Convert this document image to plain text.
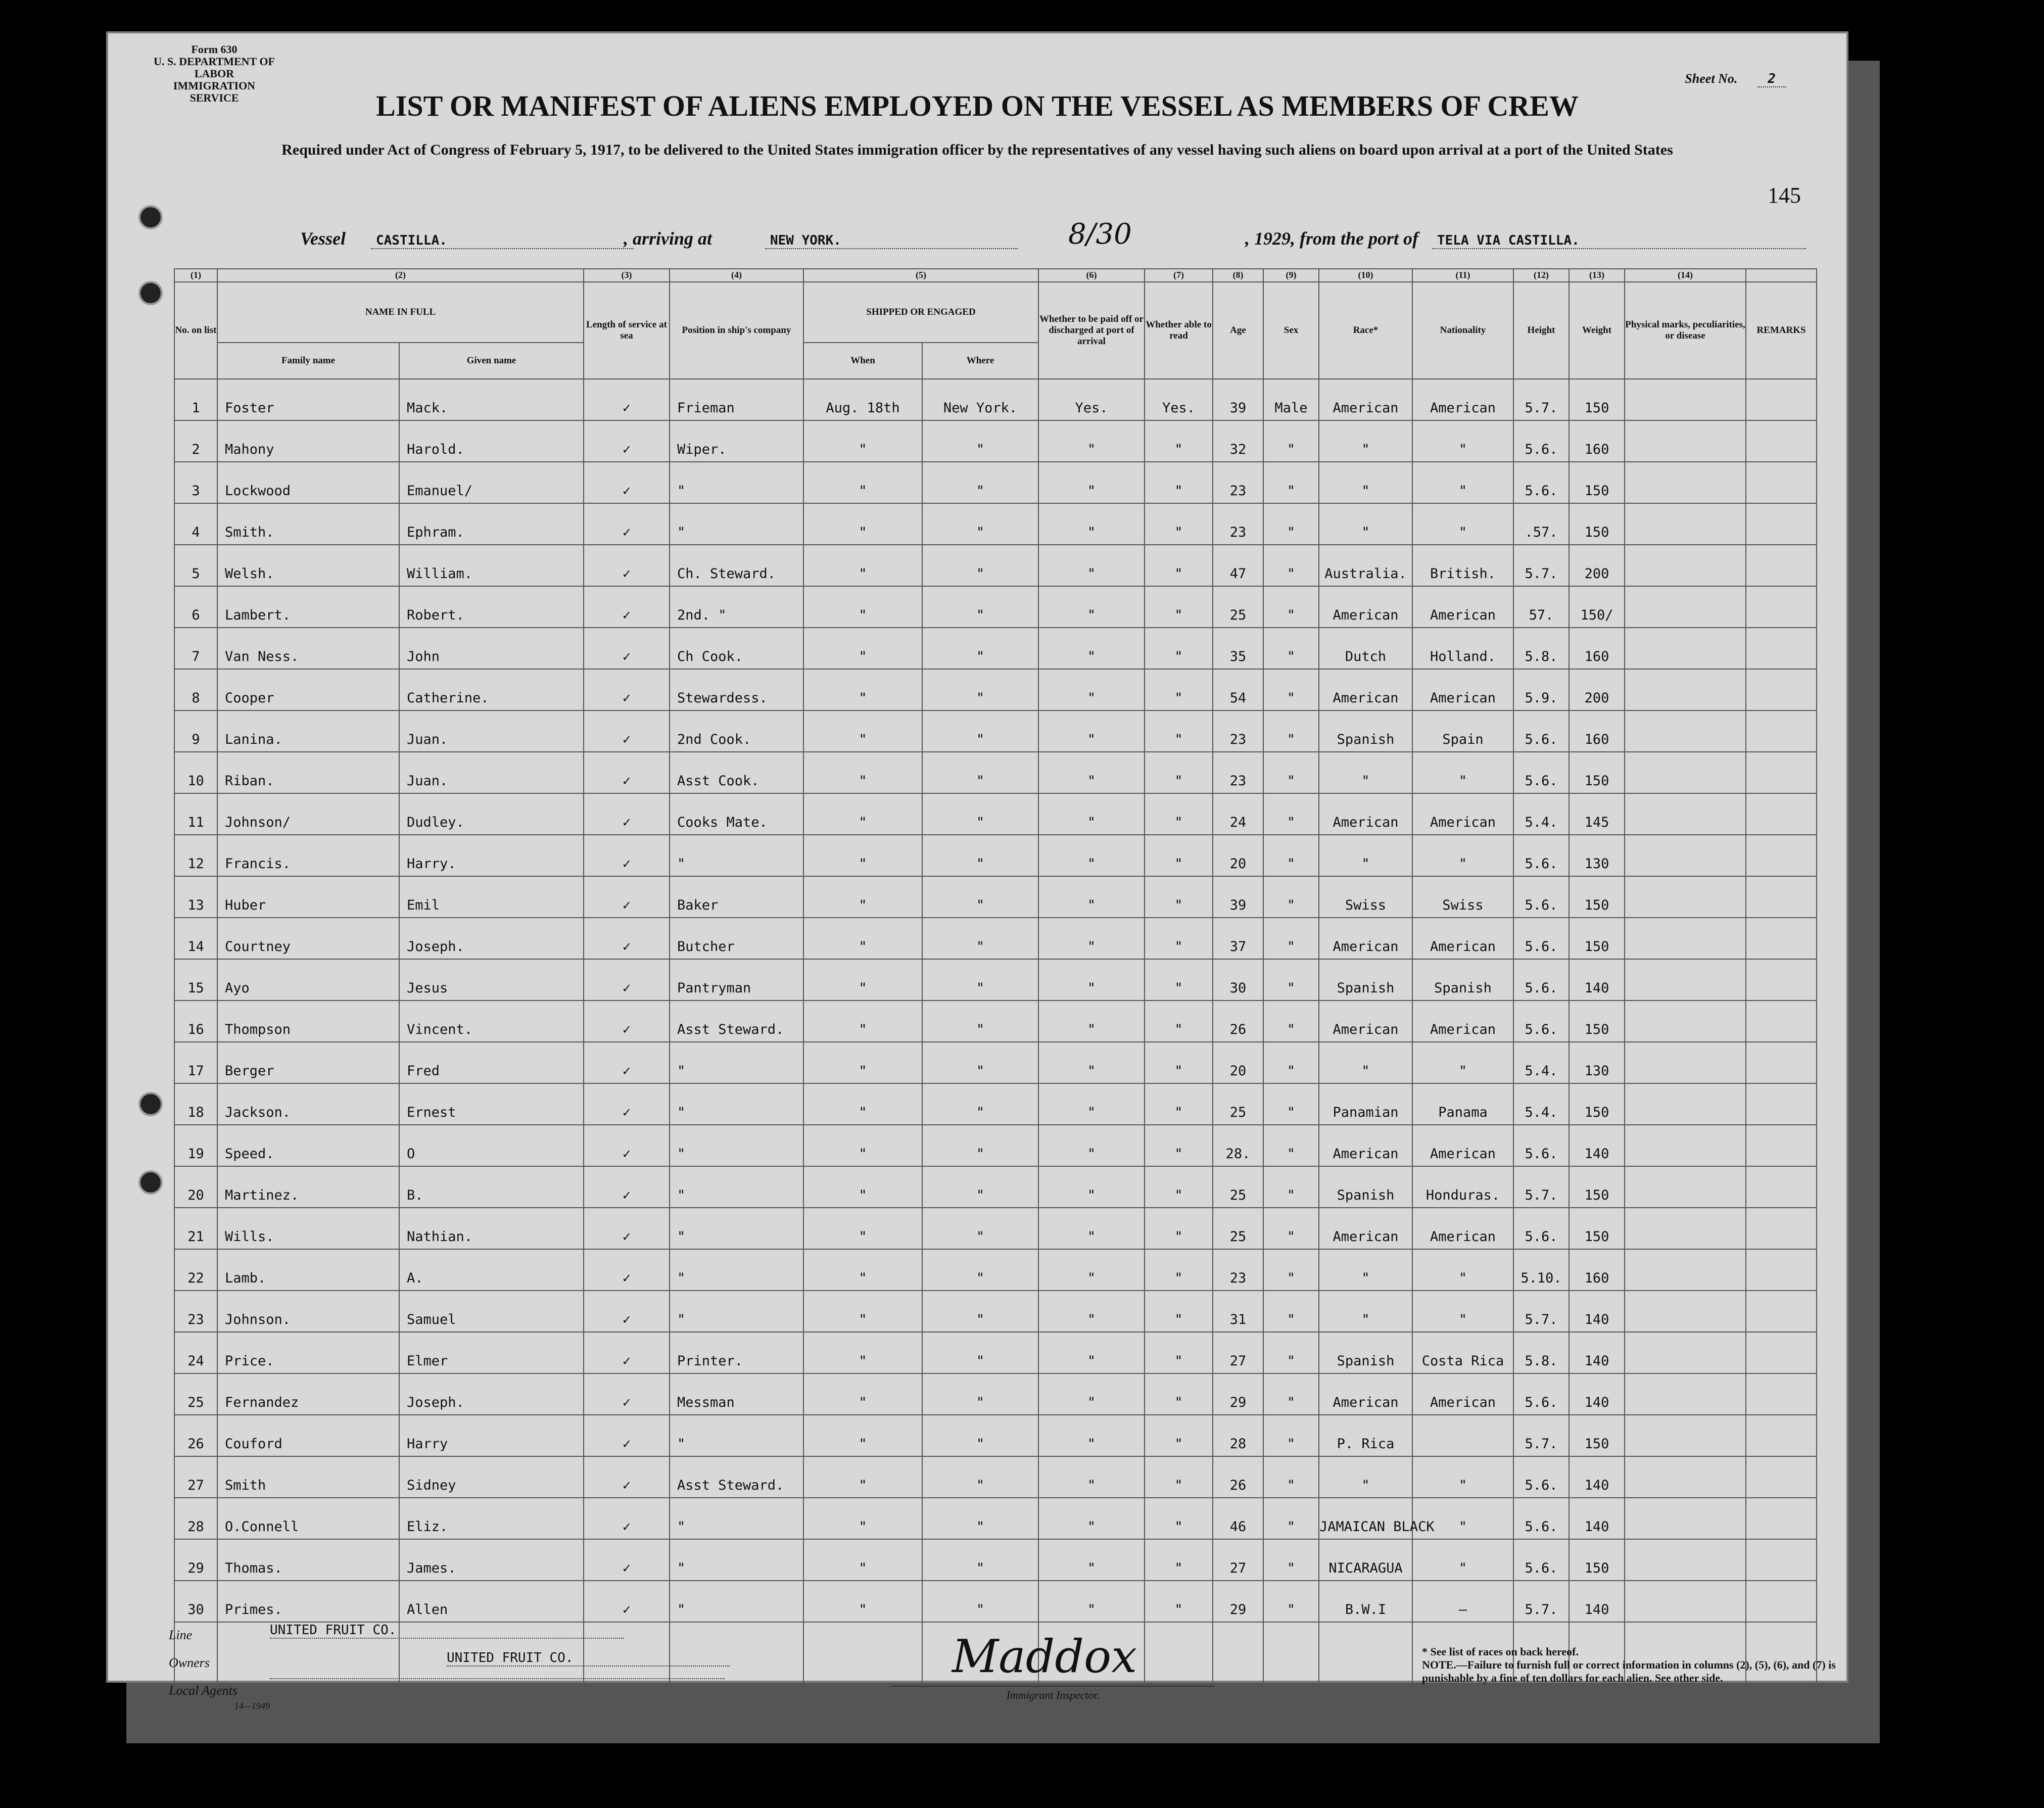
Form 630
U. S. DEPARTMENT OF LABOR
IMMIGRATION SERVICE	LIST OR MANIFEST OF ALIENS EMPLOYED ON THE VESSEL AS MEMBERS OF CREW
Required under Act of Congress of February 5, 1917, to be delivered to the United States immigration officer by the representatives of any vessel having such aliens on board upon arrival at a port of the United States
Sheet No. 2
145
Vessel	CASTILLA.	, arriving at	NEW YORK.	8/30	, 1929 , from the port of	TELA VIA CASTILLA.
(1)	(2)		(3)	(4)	(5)		(6)	(7)	(8)	(9)	(10)	(11)	(12)	(13)	(14)	
No. on list	NAME IN FULL		Length of service at sea	Position in ship's company	SHIPPED OR ENGAGED		Whether to be paid off or discharged at port of arrival	Whether able to read	Age	Sex	Race*	Nationality	Height	Weight	Physical marks, peculiarities, or disease	REMARKS
	Family name	Given name			When	Where										
1	Foster	Mack.	✓	Frieman	Aug. 18th	New York.	Yes.	Yes.	39	Male	American	American	5.7.	150		
2	Mahony	Harold.	✓	Wiper.	"	"	"	"	32	"	"	"	5.6.	160		
3	Lockwood	Emanuel/	✓	"	"	"	"	"	23	"	"	"	5.6.	150		
4	Smith.	Ephram.	✓	"	"	"	"	"	23	"	"	"	.57.	150		
5	Welsh.	William.	✓	Ch. Steward.	"	"	"	"	47	"	Australia.	British.	5.7.	200		
6	Lambert.	Robert.	✓	2nd. "	"	"	"	"	25	"	American	American	57.	150/		
7	Van Ness.	John	✓	Ch Cook.	"	"	"	"	35	"	Dutch	Holland.	5.8.	160		
8	Cooper	Catherine.	✓	Stewardess.	"	"	"	"	54	"	American	American	5.9.	200		
9	Lanina.	Juan.	✓	2nd Cook.	"	"	"	"	23	"	Spanish	Spain	5.6.	160		
10	Riban.	Juan.	✓	Asst Cook.	"	"	"	"	23	"	"	"	5.6.	150		
11	Johnson/	Dudley.	✓	Cooks Mate.	"	"	"	"	24	"	American	American	5.4.	145		
12	Francis.	Harry.	✓	"	"	"	"	"	20	"	"	"	5.6.	130		
13	Huber	Emil	✓	Baker	"	"	"	"	39	"	Swiss	Swiss	5.6.	150		
14	Courtney	Joseph.	✓	Butcher	"	"	"	"	37	"	American	American	5.6.	150		
15	Ayo	Jesus	✓	Pantryman	"	"	"	"	30	"	Spanish	Spanish	5.6.	140		
16	Thompson	Vincent.	✓	Asst Steward.	"	"	"	"	26	"	American	American	5.6.	150		
17	Berger	Fred	✓	"	"	"	"	"	20	"	"	"	5.4.	130		
18	Jackson.	Ernest	✓	"	"	"	"	"	25	"	Panamian	Panama	5.4.	150		
19	Speed.	O	✓	"	"	"	"	"	28.	"	American	American	5.6.	140		
20	Martinez.	B.	✓	"	"	"	"	"	25	"	Spanish	Honduras.	5.7.	150		
21	Wills.	Nathian.	✓	"	"	"	"	"	25	"	American	American	5.6.	150		
22	Lamb.	A.	✓	"	"	"	"	"	23	"	"	"	5.10.	160		
23	Johnson.	Samuel	✓	"	"	"	"	"	31	"	"	"	5.7.	140		
24	Price.	Elmer	✓	Printer.	"	"	"	"	27	"	Spanish	Costa Rica	5.8.	140		
25	Fernandez	Joseph.	✓	Messman	"	"	"	"	29	"	American	American	5.6.	140		
26	Couford	Harry	✓	"	"	"	"	"	28	"	P. Rica		5.7.	150		
27	Smith	Sidney	✓	Asst Steward.	"	"	"	"	26	"	"	"	5.6.	140		
28	O.Connell	Eliz.	✓	"	"	"	"	"	46	"	JAMAICAN BLACK	"	5.6.	140		
29	Thomas.	James.	✓	"	"	"	"	"	27	"	NICARAGUA	"	5.6.	150		
30	Primes.	Allen	✓	"	"	"	"	"	29	"	B.W.I	—	5.7.	140		

Line	UNITED FRUIT CO.
Owners	UNITED FRUIT CO.
Local Agents
14—1949
Maddox
Immigrant Inspector.
* See list of races on back hereof.
NOTE.—Failure to furnish full or correct information in columns (2), (5), (6), and (7) is punishable by a fine of ten dollars for each alien. See other side.
